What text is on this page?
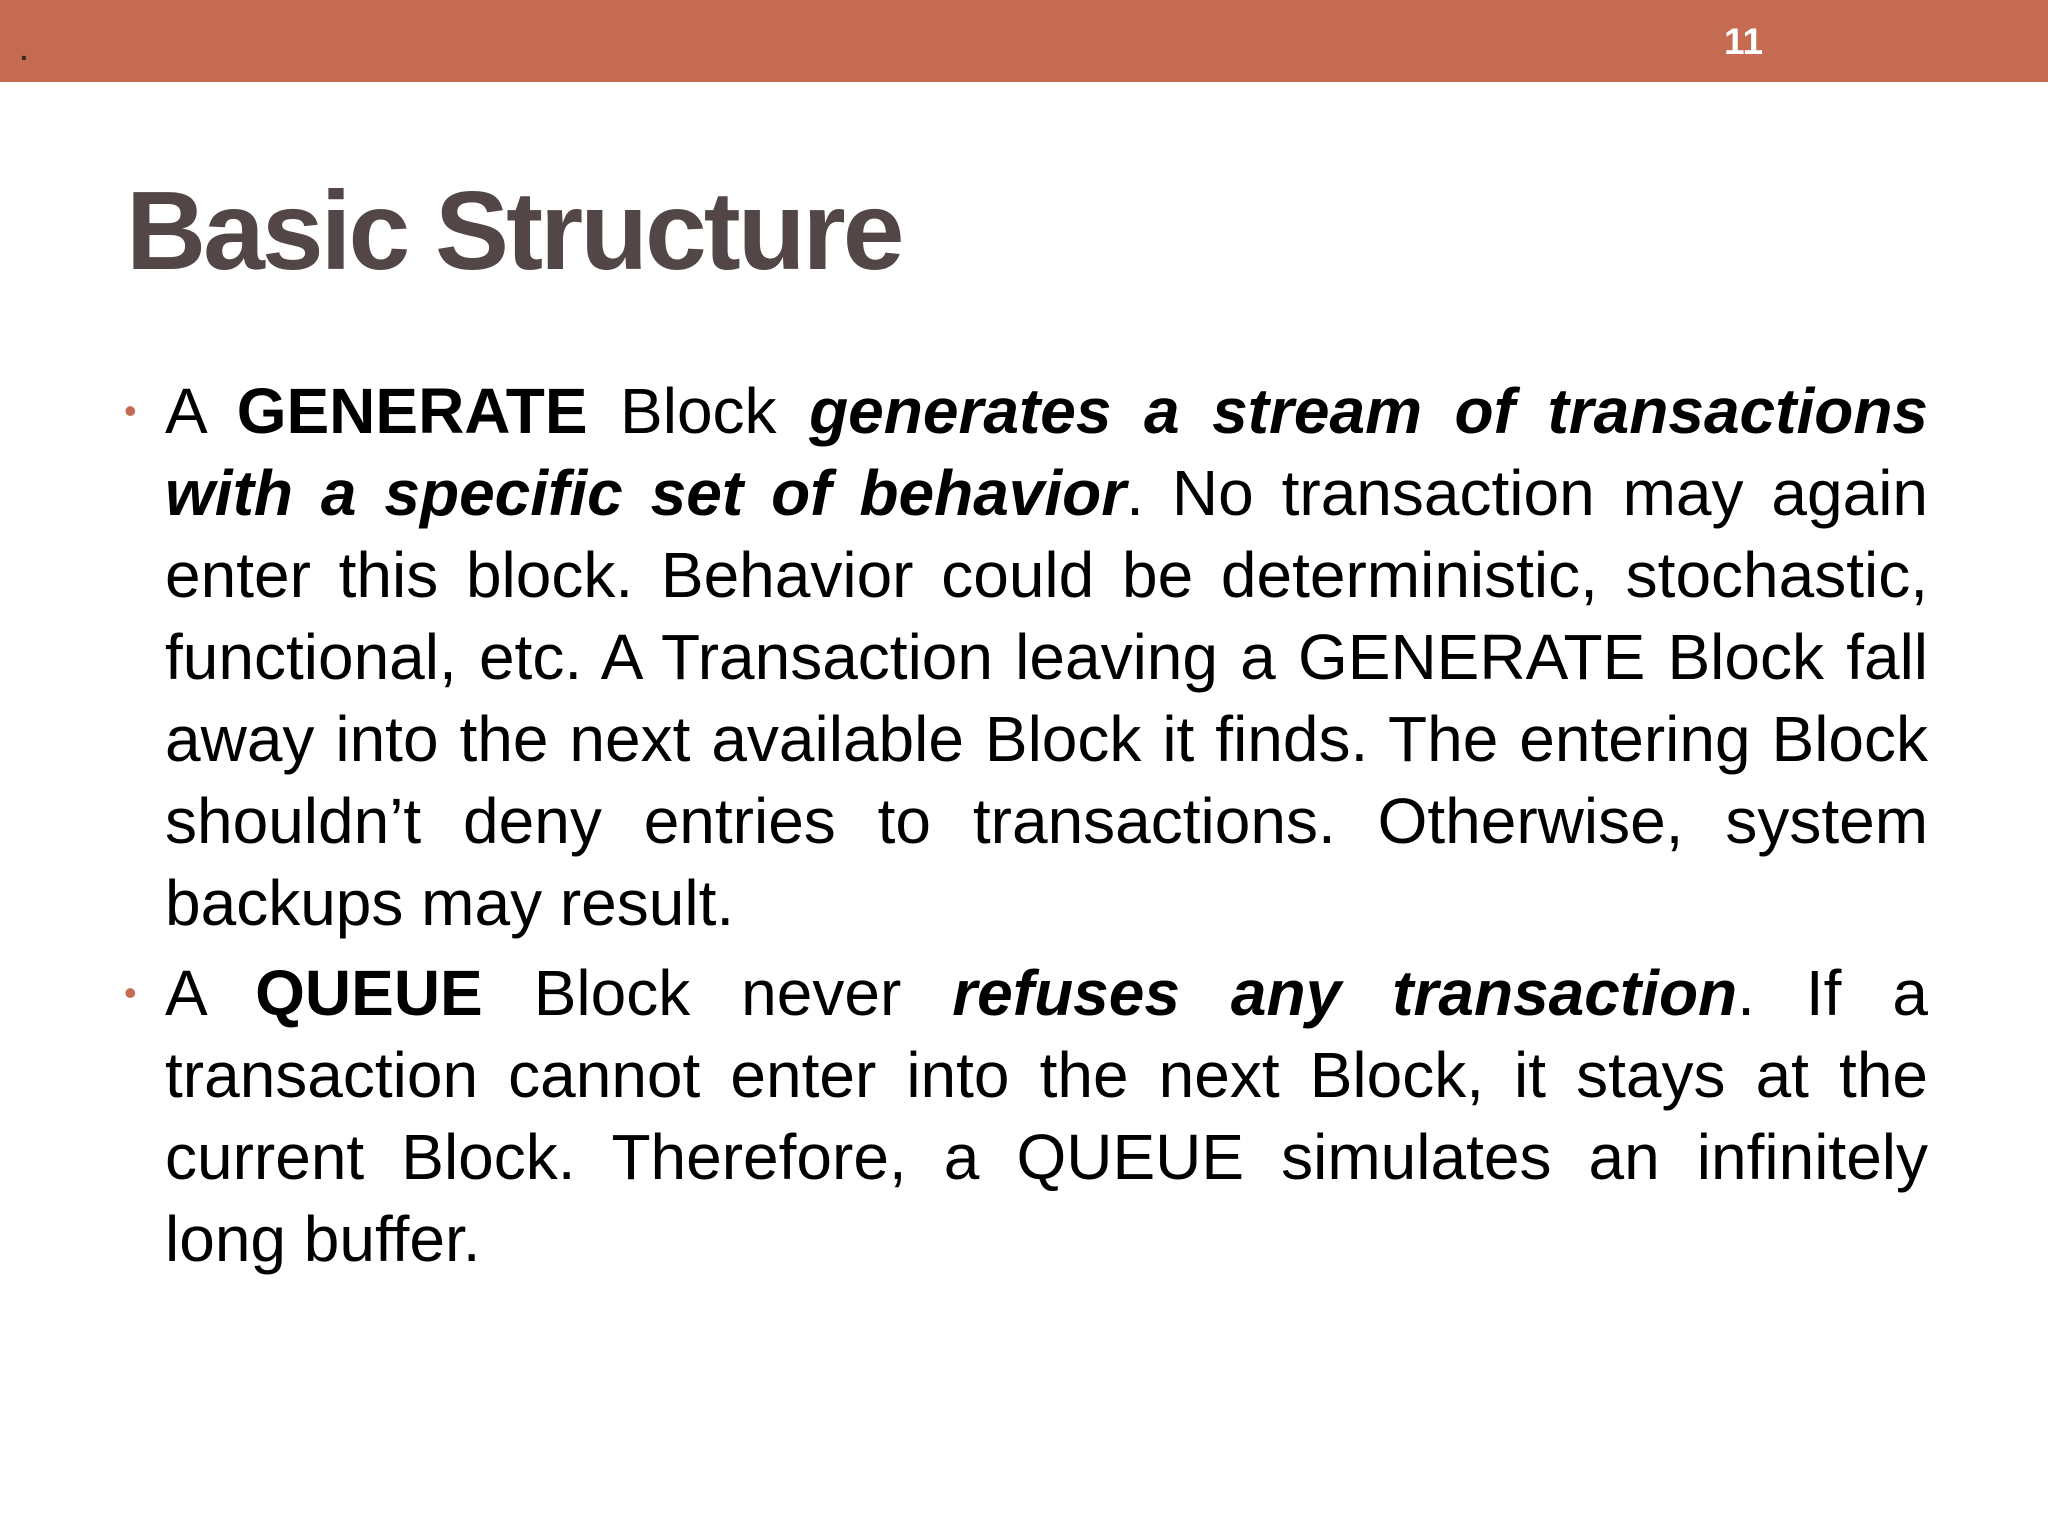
.	11
Basic Structure
• A GENERATE Block generates a stream of transactions with a specific set of behavior. No transaction may again enter this block. Behavior could be deterministic, stochastic, functional, etc. A Transaction leaving a GENERATE Block fall away into the next available Block it finds. The entering Block shouldn’t deny entries to transactions. Otherwise, system backups may result.
• A QUEUE Block never refuses any transaction. If a transaction cannot enter into the next Block, it stays at the current Block. Therefore, a QUEUE simulates an infinitely long buffer.
